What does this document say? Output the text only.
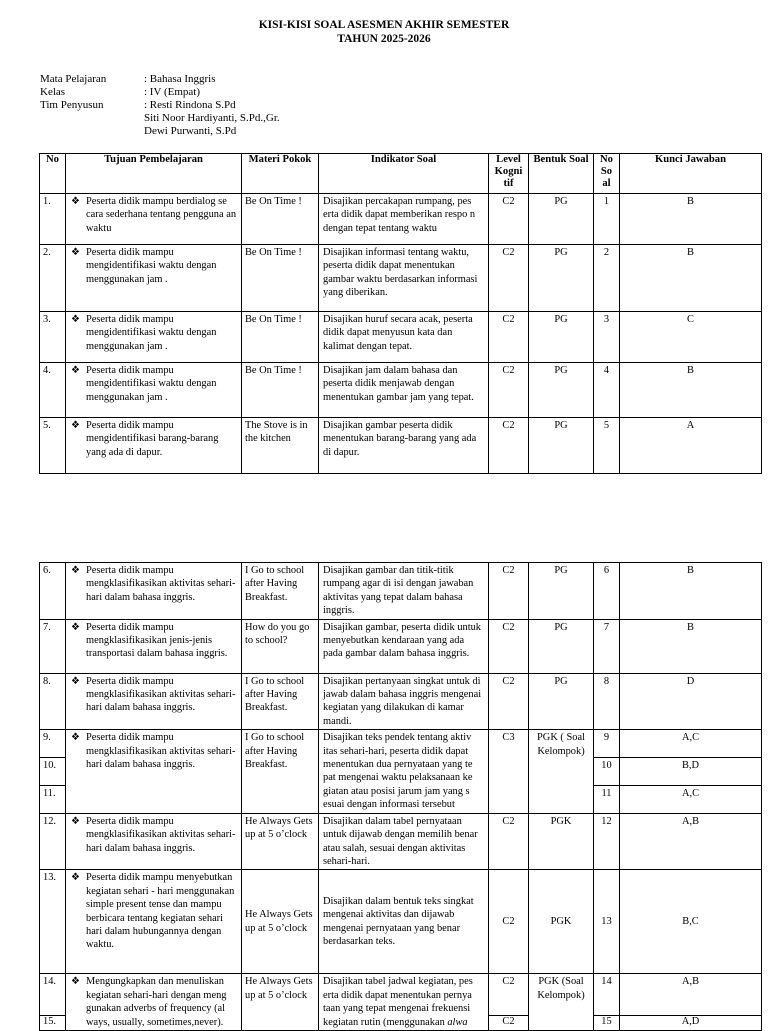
KISI-KISI SOAL ASESMEN AKHIR SEMESTER
TAHUN 2025-2026
Mata Pelajaran	: Bahasa Inggris
Kelas	: IV (Empat)
Tim Penyusun	: Resti Rindona S.Pd
Siti Noor Hardiyanti, S.Pd.,Gr.
Dewi Purwanti, S.Pd
No	Tujuan Pembelajaran	Materi Pokok	Indikator Soal	Level Kogni tif	Bentuk Soal	No So al	Kunci Jawaban
1.	❖ Peserta didik mampu berdialog se cara sederhana tentang pengguna an waktu	Be On Time !	Disajikan percakapan rumpang, pes erta didik dapat memberikan respo n dengan tepat tentang waktu	C2	PG	1	B
2.	❖ Peserta didik mampu mengidentifikasi waktu dengan menggunakan jam .	Be On Time !	Disajikan informasi tentang waktu, peserta didik dapat menentukan gambar waktu berdasarkan informasi yang diberikan.	C2	PG	2	B
3.	❖ Peserta didik mampu mengidentifikasi waktu dengan menggunakan jam .	Be On Time !	Disajikan huruf secara acak, peserta didik dapat menyusun kata dan kalimat dengan tepat.	C2	PG	3	C
4.	❖ Peserta didik mampu mengidentifikasi waktu dengan menggunakan jam .	Be On Time !	Disajikan jam dalam bahasa dan peserta didik menjawab dengan menentukan gambar jam yang tepat.	C2	PG	4	B
5.	❖ Peserta didik mampu mengidentifikasi barang-barang yang ada di dapur.	The Stove is in the kitchen	Disajikan gambar peserta didik menentukan barang-barang yang ada di dapur.	C2	PG	5	A
6.	❖ Peserta didik mampu mengklasifikasikan aktivitas sehari-hari dalam bahasa inggris.	I Go to school after Having Breakfast.	Disajikan gambar dan titik-titik rumpang agar di isi dengan jawaban aktivitas yang tepat dalam bahasa inggris.	C2	PG	6	B
7.	❖ Peserta didik mampu mengklasifikasikan jenis-jenis transportasi dalam bahasa inggris.	How do you go to school?	Disajikan gambar, peserta didik untuk menyebutkan kendaraan yang ada pada gambar dalam bahasa inggris.	C2	PG	7	B
8.	❖ Peserta didik mampu mengklasifikasikan aktivitas sehari-hari dalam bahasa inggris.	I Go to school after Having Breakfast.	Disajikan pertanyaan singkat untuk di jawab dalam bahasa inggris mengenai kegiatan yang dilakukan di kamar mandi.	C2	PG	8	D
9.	❖ Peserta didik mampu mengklasifikasikan aktivitas sehari-hari dalam bahasa inggris.	I Go to school after Having Breakfast.	Disajikan teks pendek tentang aktiv itas sehari-hari, peserta didik dapat menentukan dua pernyataan yang te pat mengenai waktu pelaksanaan ke giatan atau posisi jarum jam yang s esuai dengan informasi tersebut	C3	PGK ( Soal Kelompok)	9	A,C
10.						10	B,D
11.						11	A,C
12.	❖ Peserta didik mampu mengklasifikasikan aktivitas sehari-hari dalam bahasa inggris.	He Always Gets up at 5 o’clock	Disajikan dalam tabel pernyataan untuk dijawab dengan memilih benar atau salah, sesuai dengan aktivitas sehari-hari.	C2	PGK	12	A,B
13.	❖ Peserta didik mampu menyebutkan kegiatan sehari - hari menggunakan simple present tense dan mampu berbicara tentang kegiatan sehari hari dalam hubungannya dengan waktu.	He Always Gets up at 5 o’clock	Disajikan dalam bentuk teks singkat mengenai aktivitas dan dijawab mengenai pernyataan yang benar berdasarkan teks.	C2	PGK	13	B,C
14.	❖ Mengungkapkan dan menuliskan kegiatan sehari-hari dengan meng gunakan adverbs of frequency (al ways, usually, sometimes,never).	He Always Gets up at 5 o’clock	Disajikan tabel jadwal kegiatan, pes erta didik dapat menentukan pernya taan yang tepat mengenai frekuensi kegiatan rutin (menggunakan alwa	C2	PGK (Soal Kelompok)	14	A,B
15.				C2		15	A,D
